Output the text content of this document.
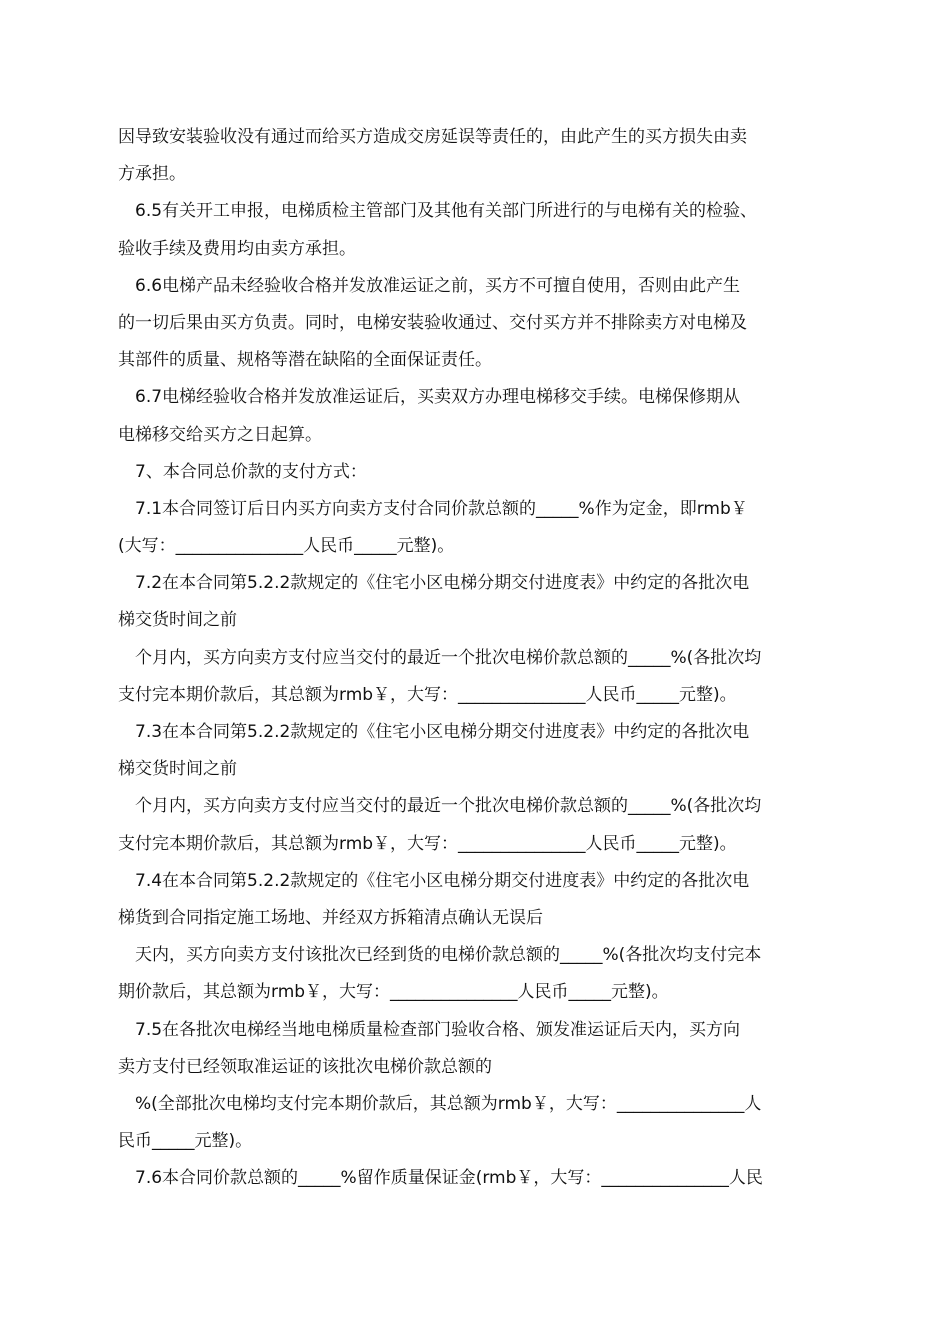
因导致安装验收没有通过而给买方造成交房延误等责任的，由此产生的买方损失由卖
方承担。
6.5有关开工申报，电梯质检主管部门及其他有关部门所进行的与电梯有关的检验、
验收手续及费用均由卖方承担。
6.6电梯产品未经验收合格并发放准运证之前，买方不可擅自使用，否则由此产生
的一切后果由买方负责。同时，电梯安装验收通过、交付买方并不排除卖方对电梯及
其部件的质量、规格等潜在缺陷的全面保证责任。
6.7电梯经验收合格并发放准运证后，买卖双方办理电梯移交手续。电梯保修期从
电梯移交给买方之日起算。
7、本合同总价款的支付方式：
7.1本合同签订后日内买方向卖方支付合同价款总额的_____%作为定金，即rmb￥
(大写：_______________人民币_____元整)。
7.2在本合同第5.2.2款规定的《住宅小区电梯分期交付进度表》中约定的各批次电
梯交货时间之前
个月内，买方向卖方支付应当交付的最近一个批次电梯价款总额的_____%(各批次均
支付完本期价款后，其总额为rmb￥，大写：_______________人民币_____元整)。
7.3在本合同第5.2.2款规定的《住宅小区电梯分期交付进度表》中约定的各批次电
梯交货时间之前
个月内，买方向卖方支付应当交付的最近一个批次电梯价款总额的_____%(各批次均
支付完本期价款后，其总额为rmb￥，大写：_______________人民币_____元整)。
7.4在本合同第5.2.2款规定的《住宅小区电梯分期交付进度表》中约定的各批次电
梯货到合同指定施工场地、并经双方拆箱清点确认无误后
天内，买方向卖方支付该批次已经到货的电梯价款总额的_____%(各批次均支付完本
期价款后，其总额为rmb￥，大写：_______________人民币_____元整)。
7.5在各批次电梯经当地电梯质量检查部门验收合格、颁发准运证后天内，买方向
卖方支付已经领取准运证的该批次电梯价款总额的
%(全部批次电梯均支付完本期价款后，其总额为rmb￥，大写：_______________人
民币_____元整)。
7.6本合同价款总额的_____%留作质量保证金(rmb￥，大写：_______________人民
